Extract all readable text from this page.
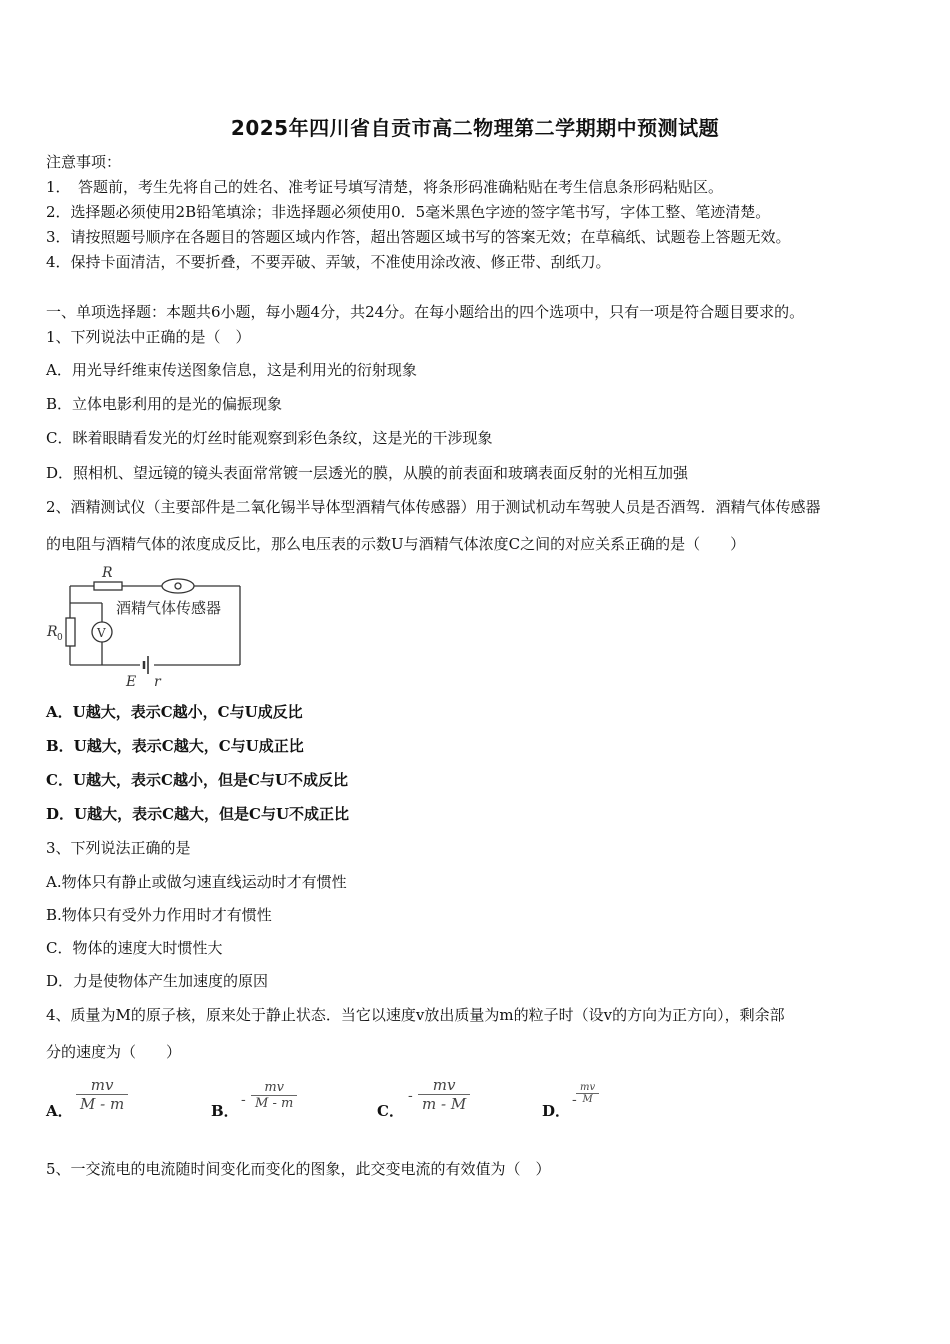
2025年四川省自贡市高二物理第二学期期中预测试题
注意事项：
1．　答题前，考生先将自己的姓名、准考证号填写清楚，将条形码准确粘贴在考生信息条形码粘贴区。
2．选择题必须使用2B铅笔填涂；非选择题必须使用0．5毫米黑色字迹的签字笔书写，字体工整、笔迹清楚。
3．请按照题号顺序在各题目的答题区域内作答，超出答题区域书写的答案无效；在草稿纸、试题卷上答题无效。
4．保持卡面清洁，不要折叠，不要弄破、弄皱，不准使用涂改液、修正带、刮纸刀。
一、单项选择题：本题共6小题，每小题4分，共24分。在每小题给出的四个选项中，只有一项是符合题目要求的。
1、下列说法中正确的是（　）
A．用光导纤维束传送图象信息，这是利用光的衍射现象
B．立体电影利用的是光的偏振现象
C．眯着眼睛看发光的灯丝时能观察到彩色条纹，这是光的干涉现象
D．照相机、望远镜的镜头表面常常镀一层透光的膜，从膜的前表面和玻璃表面反射的光相互加强
2、酒精测试仪（主要部件是二氧化锡半导体型酒精气体传感器）用于测试机动车驾驶人员是否酒驾．酒精气体传感器
的电阻与酒精气体的浓度成反比，那么电压表的示数U与酒精气体浓度C之间的对应关系正确的是（　　）
R
R 0	V
酒精气体传感器
E r
A．U越大，表示C越小，C与U成反比
B．U越大，表示C越大，C与U成正比
C．U越大，表示C越小，但是C与U不成反比
D．U越大，表示C越大，但是C与U不成正比
3、下列说法正确的是
A.物体只有静止或做匀速直线运动时才有惯性
B.物体只有受外力作用时才有惯性
C．物体的速度大时惯性大
D．力是使物体产生加速度的原因
4、质量为M的原子核，原来处于静止状态．当它以速度v放出质量为m的粒子时（设v的方向为正方向），剩余部
分的速度为（　　）
A． $\frac{mv}{M - m}$	B．
- $\frac{mv}{M - m}$	C．
- $\frac{mv}{m - M}$	D．
- $\frac{mv}{M}$
5、一交流电的电流随时间变化而变化的图象，此交变电流的有效值为（　）
